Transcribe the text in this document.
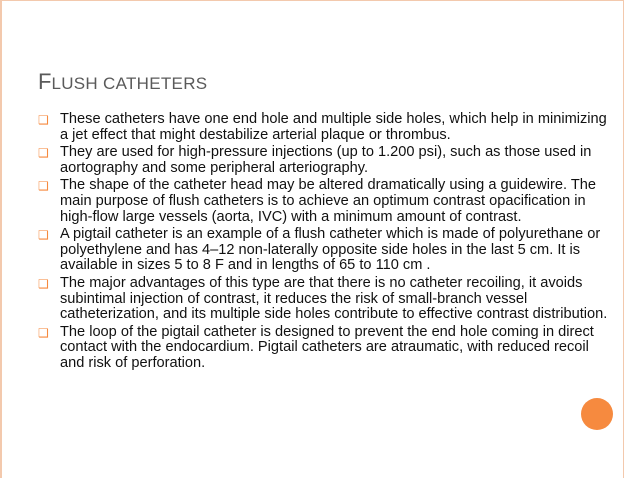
FLUSH CATHETERS
❑ These catheters have one end hole and multiple side holes, which help in minimizing a jet effect that might destabilize arterial plaque or thrombus.
❑ They are used for high-pressure injections (up to 1.200 psi), such as those used in aortography and some peripheral arteriography.
❑ The shape of the catheter head may be altered dramatically using a guidewire. The main purpose of flush catheters is to achieve an optimum contrast opacification in high-flow large vessels (aorta, IVC) with a minimum amount of contrast.
❑ A pigtail catheter is an example of a flush catheter which is made of polyurethane or polyethylene and has 4–12 non-laterally opposite side holes in the last 5 cm. It is available in sizes 5 to 8 F and in lengths of 65 to 110 cm .
❑ The major advantages of this type are that there is no catheter recoiling, it avoids subintimal injection of contrast, it reduces the risk of small-branch vessel catheterization, and its multiple side holes contribute to effective contrast distribution.
❑ The loop of the pigtail catheter is designed to prevent the end hole coming in direct contact with the endocardium. Pigtail catheters are atraumatic, with reduced recoil and risk of perforation.
